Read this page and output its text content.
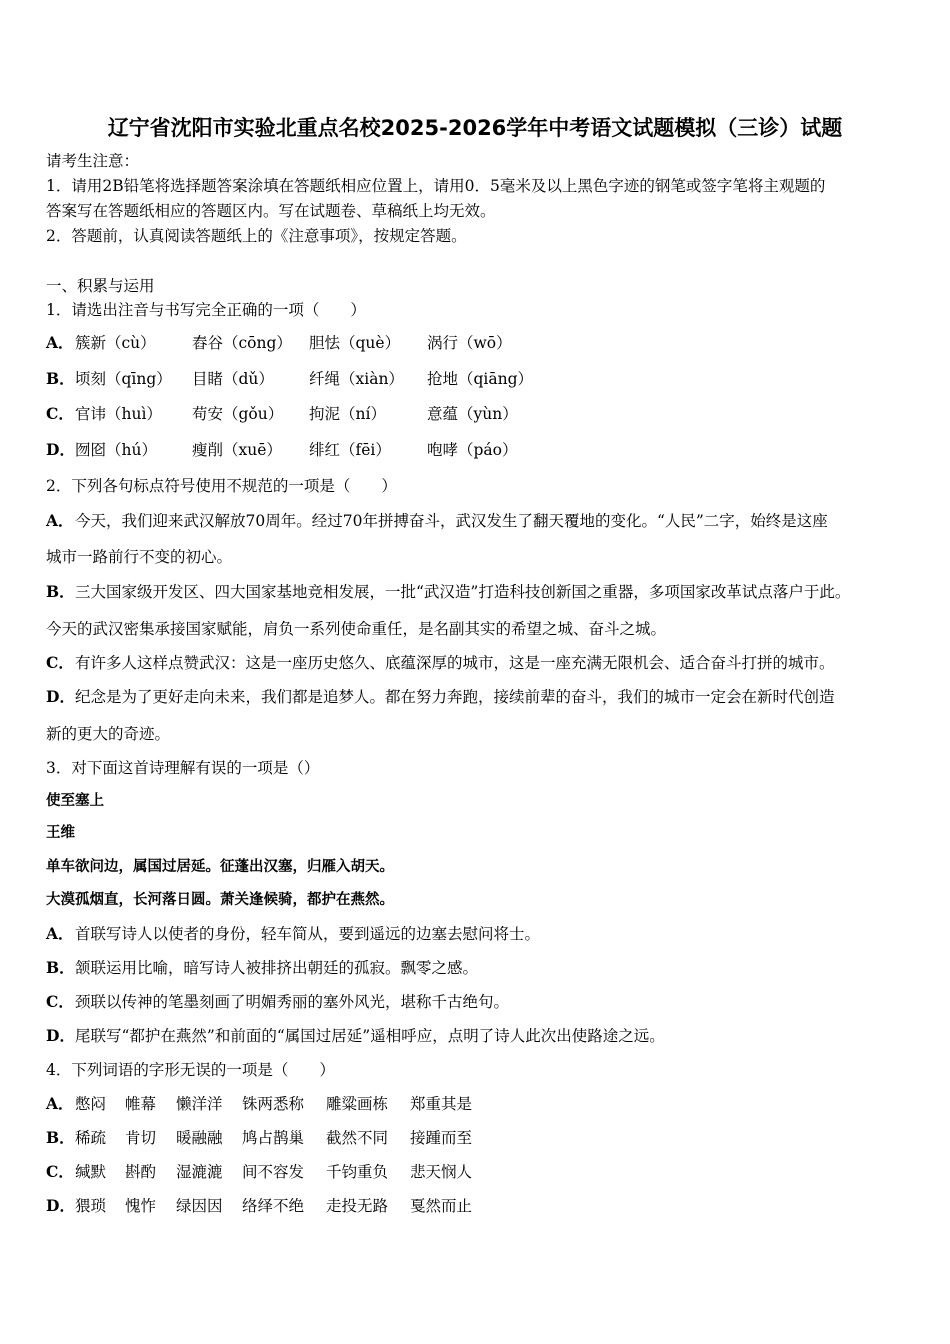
辽宁省沈阳市实验北重点名校2025-2026学年中考语文试题模拟（三诊）试题
请考生注意：
1．请用2B铅笔将选择题答案涂填在答题纸相应位置上，请用0．5毫米及以上黑色字迹的钢笔或签字笔将主观题的
答案写在答题纸相应的答题区内。写在试题卷、草稿纸上均无效。
2．答题前，认真阅读答题纸上的《注意事项》，按规定答题。
一、积累与运用
1．请选出注音与书写完全正确的一项（　　）
2．下列各句标点符号使用不规范的一项是（　　）
3．对下面这首诗理解有误的一项是（）
使至塞上
王维
单车欲问边，属国过居延。征蓬出汉塞，归雁入胡天。
大漠孤烟直，长河落日圆。萧关逢候骑，都护在燕然。
4．下列词语的字形无误的一项是（　　）
A． 簇新（cù） 舂谷（cōng） 胆怯（què） 涡行（wō）
B． 顷刻（qīng） 目睹（dǔ） 纤绳（xiàn） 抢地（qiāng）
C． 官讳（huì） 苟安（gǒu） 拘泥（ní）	意蕴（yùn）
D． 囫囵（hú） 瘦削（xuē） 绯红（fēi） 咆哮（páo）
A． 今天，我们迎来武汉解放70周年。经过70年拼搏奋斗，武汉发生了翻天覆地的变化。“人民”二字，始终是这座
城市一路前行不变的初心。
B． 三大国家级开发区、四大国家基地竞相发展，一批“武汉造”打造科技创新国之重器，多项国家改革试点落户于此。
今天的武汉密集承接国家赋能，肩负一系列使命重任，是名副其实的希望之城、奋斗之城。
C． 有许多人这样点赞武汉：这是一座历史悠久、底蕴深厚的城市，这是一座充满无限机会、适合奋斗打拼的城市。
D． 纪念是为了更好走向未来，我们都是追梦人。都在努力奔跑，接续前辈的奋斗，我们的城市一定会在新时代创造
新的更大的奇迹。
A． 首联写诗人以使者的身份，轻车简从，要到遥远的边塞去慰问将士。
B． 颔联运用比喻，暗写诗人被排挤出朝廷的孤寂。飘零之感。
C． 颈联以传神的笔墨刻画了明媚秀丽的塞外风光，堪称千古绝句。
D． 尾联写“都护在燕然”和前面的“属国过居延”遥相呼应，点明了诗人此次出使路途之远。
A． 憋闷 帷幕 懒洋洋 铢两悉称 雕粱画栋 郑重其是
B． 稀疏 肯切 暖融融 鸠占鹊巢 截然不同 接踵而至
C． 缄默 斟酌 湿漉漉 间不容发 千钧重负 悲天悯人
D． 猥琐 愧怍 绿因因 络绎不绝 走投无路 戛然而止
